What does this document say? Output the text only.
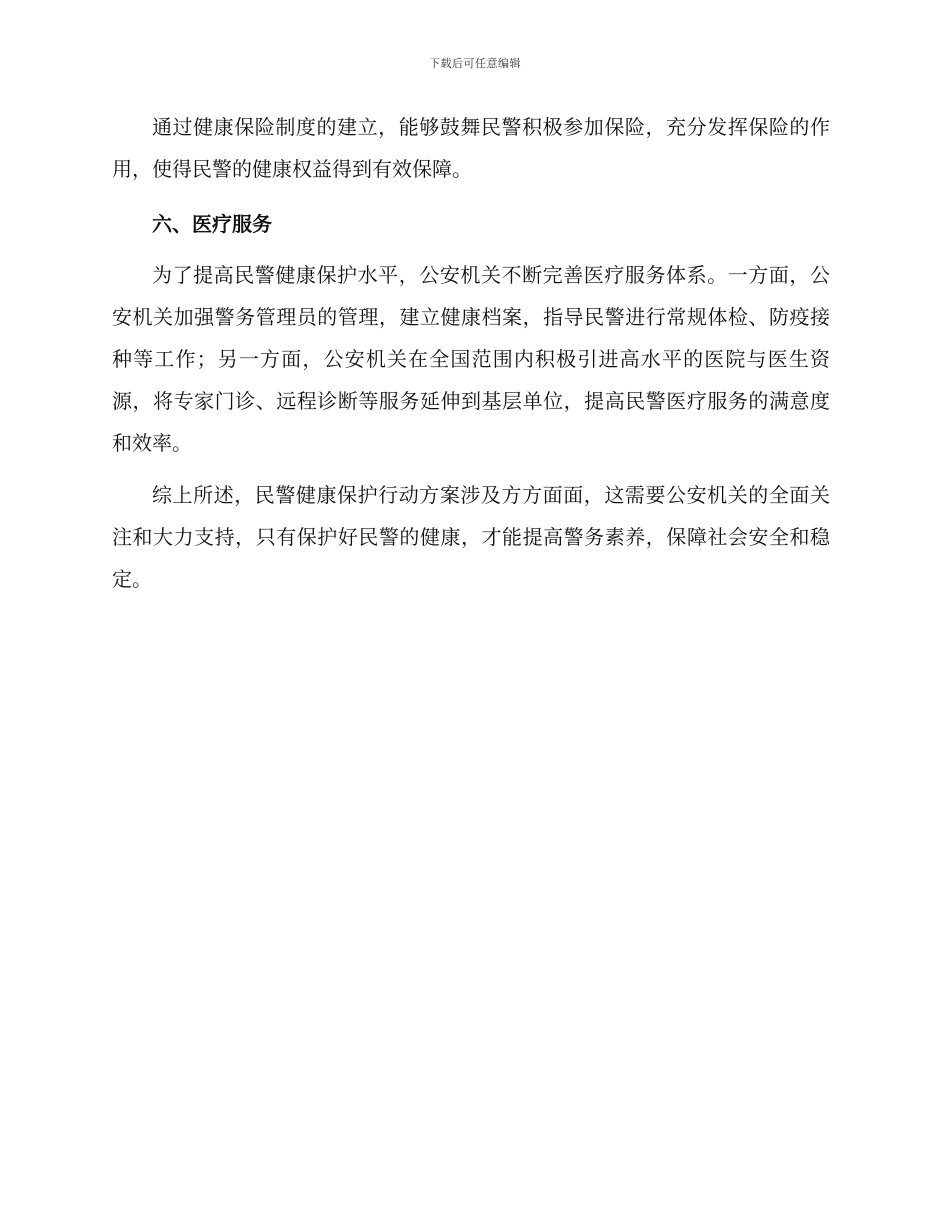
下载后可任意编辑

通过健康保险制度的建立，能够鼓舞民警积极参加保险，充分发挥保险的作用，使得民警的健康权益得到有效保障。

六、医疗服务

为了提高民警健康保护水平，公安机关不断完善医疗服务体系。一方面，公安机关加强警务管理员的管理，建立健康档案，指导民警进行常规体检、防疫接种等工作；另一方面，公安机关在全国范围内积极引进高水平的医院与医生资源，将专家门诊、远程诊断等服务延伸到基层单位，提高民警医疗服务的满意度和效率。

综上所述，民警健康保护行动方案涉及方方面面，这需要公安机关的全面关注和大力支持，只有保护好民警的健康，才能提高警务素养，保障社会安全和稳定。
